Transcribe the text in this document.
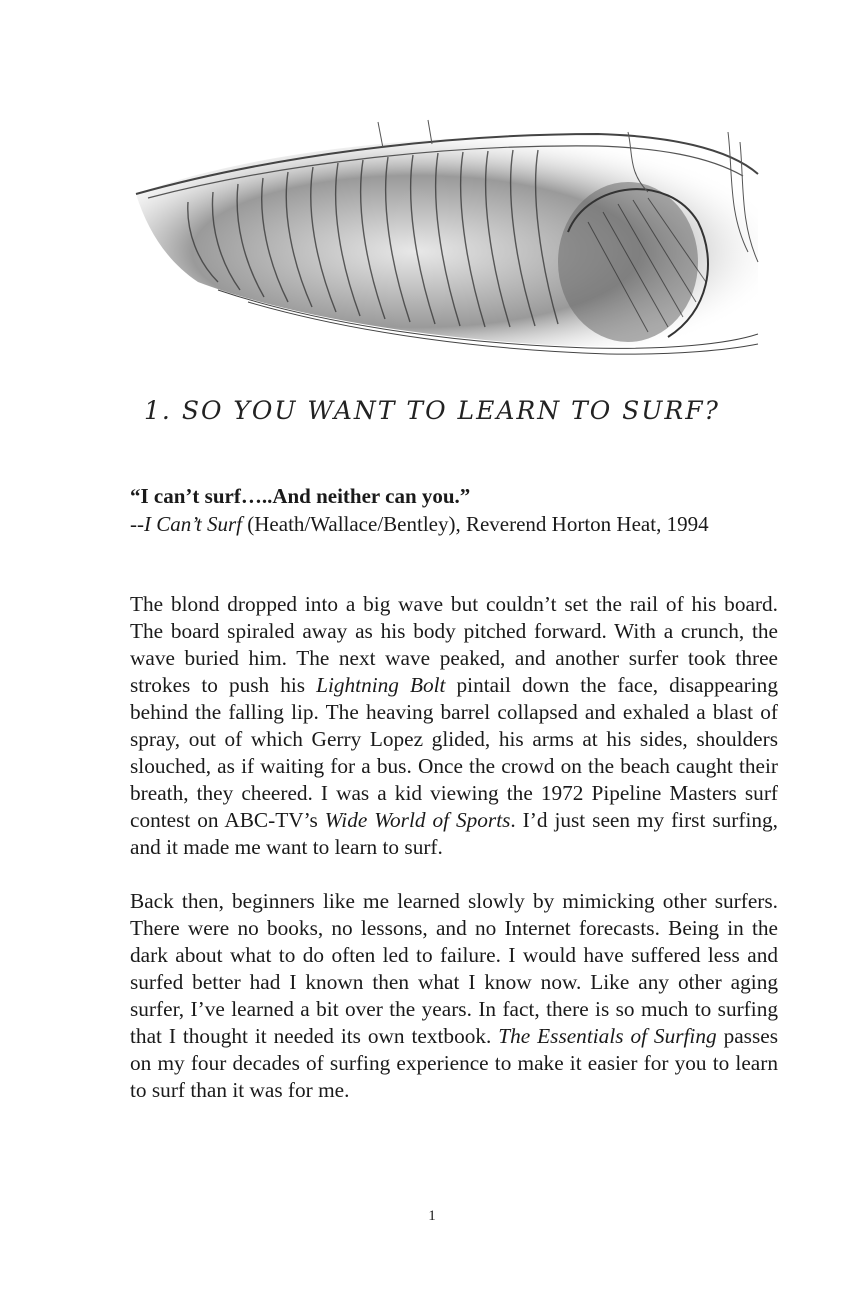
1. SO YOU WANT TO LEARN TO SURF?
“I can’t surf…..And neither can you.”
--I Can’t Surf (Heath/Wallace/Bentley), Reverend Horton Heat, 1994

The blond dropped into a big wave but couldn’t set the rail of his board. The board spiraled away as his body pitched forward. With a crunch, the wave buried him. The next wave peaked, and another surfer took three strokes to push his Lightning Bolt pintail down the face, disappearing behind the falling lip. The heaving barrel collapsed and exhaled a blast of spray, out of which Gerry Lopez glided, his arms at his sides, shoulders slouched, as if waiting for a bus. Once the crowd on the beach caught their breath, they cheered. I was a kid viewing the 1972 Pipeline Masters surf contest on ABC-TV’s Wide World of Sports. I’d just seen my first surfing, and it made me want to learn to surf.

Back then, beginners like me learned slowly by mimicking other surfers. There were no books, no lessons, and no Internet forecasts. Being in the dark about what to do often led to failure. I would have suffered less and surfed better had I known then what I know now. Like any other aging surfer, I’ve learned a bit over the years. In fact, there is so much to surfing that I thought it needed its own textbook. The Essentials of Surfing passes on my four decades of surfing experience to make it easier for you to learn to surf than it was for me.

1
